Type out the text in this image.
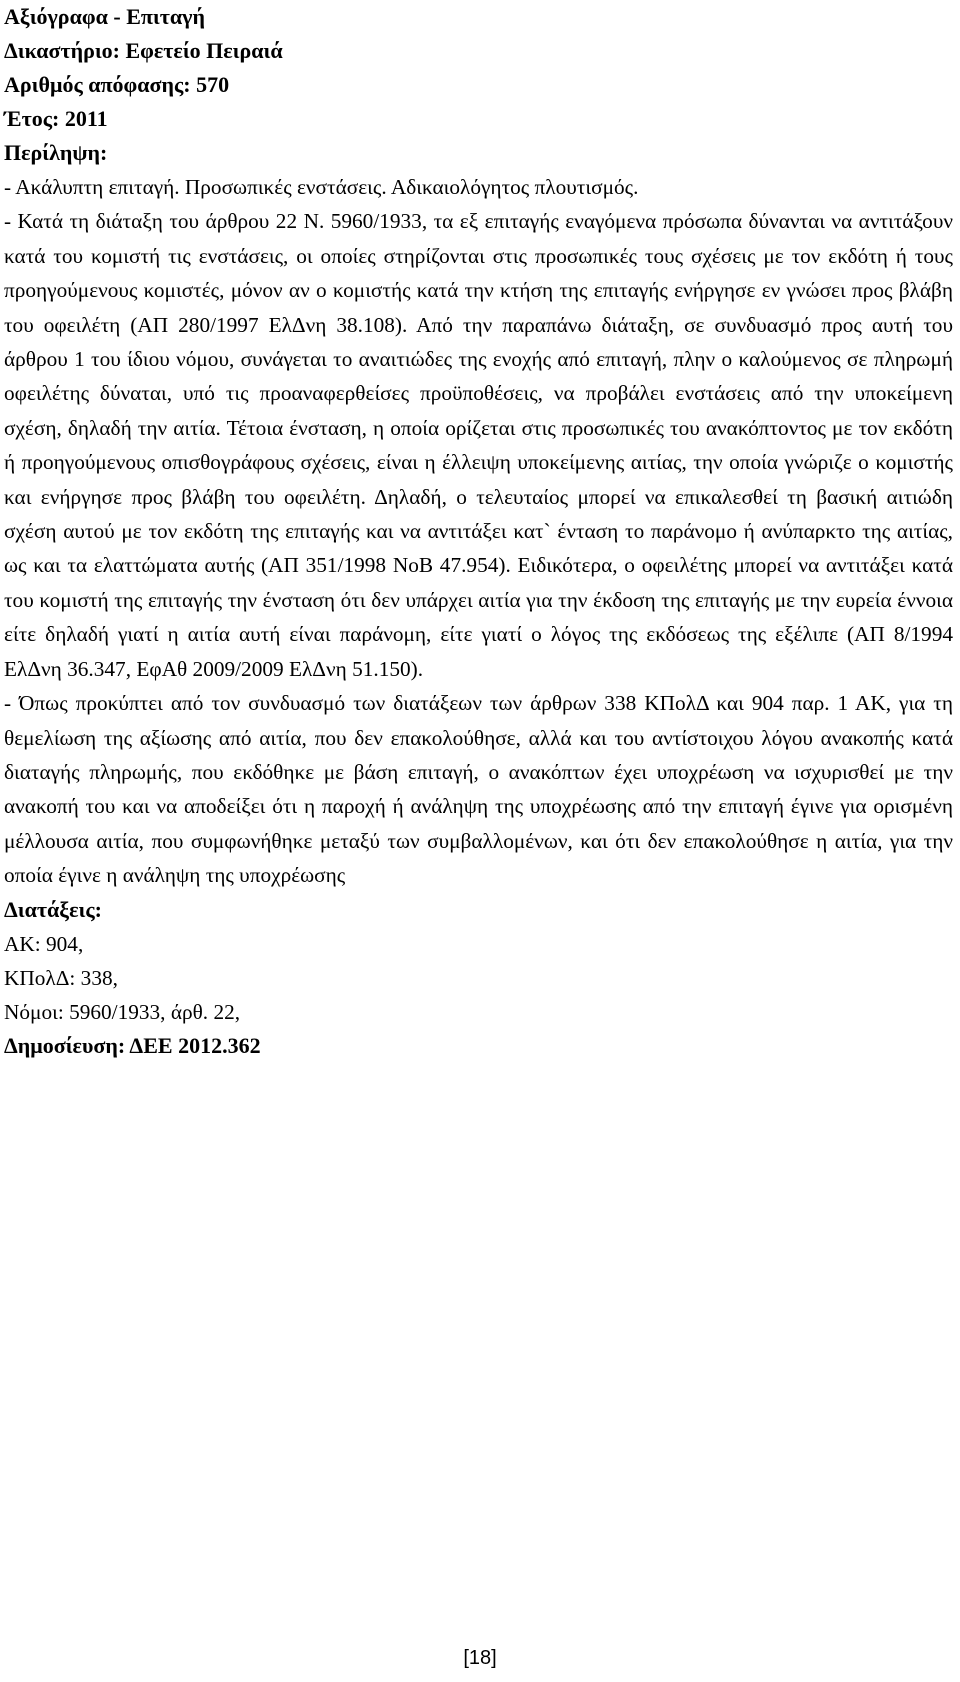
Αξιόγραφα - Επιταγή
Δικαστήριο: Εφετείο Πειραιά
Αριθμός απόφασης: 570
Έτος: 2011
Περίληψη:

- Ακάλυπτη επιταγή. Προσωπικές ενστάσεις. Αδικαιολόγητος πλουτισμός.

- Κατά τη διάταξη του άρθρου 22 Ν. 5960/1933, τα εξ επιταγής εναγόμενα πρόσωπα δύνανται να αντιτάξουν κατά του κομιστή τις ενστάσεις, οι οποίες στηρίζονται στις προσωπικές τους σχέσεις με τον εκδότη ή τους προηγούμενους κομιστές, μόνον αν ο κομιστής κατά την κτήση της επιταγής ενήργησε εν γνώσει προς βλάβη του οφειλέτη (ΑΠ 280/1997 ΕλΔνη 38.108). Από την παραπάνω διάταξη, σε συνδυασμό προς αυτή του άρθρου 1 του ίδιου νόμου, συνάγεται το αναιτιώδες της ενοχής από επιταγή, πλην ο καλούμενος σε πληρωμή οφειλέτης δύναται, υπό τις προαναφερθείσες προϋποθέσεις, να προβάλει ενστάσεις από την υποκείμενη σχέση, δηλαδή την αιτία. Τέτοια ένσταση, η οποία ορίζεται στις προσωπικές του ανακόπτοντος με τον εκδότη ή προηγούμενους οπισθογράφους σχέσεις, είναι η έλλειψη υποκείμενης αιτίας, την οποία γνώριζε ο κομιστής και ενήργησε προς βλάβη του οφειλέτη. Δηλαδή, ο τελευταίος μπορεί να επικαλεσθεί τη βασική αιτιώδη σχέση αυτού με τον εκδότη της επιταγής και να αντιτάξει κατ` ένταση το παράνομο ή ανύπαρκτο της αιτίας, ως και τα ελαττώματα αυτής (ΑΠ 351/1998 ΝοΒ 47.954). Ειδικότερα, ο οφειλέτης μπορεί να αντιτάξει κατά του κομιστή της επιταγής την ένσταση ότι δεν υπάρχει αιτία για την έκδοση της επιταγής με την ευρεία έννοια είτε δηλαδή γιατί η αιτία αυτή είναι παράνομη, είτε γιατί ο λόγος της εκδόσεως της εξέλιπε (ΑΠ 8/1994 ΕλΔνη 36.347, ΕφΑθ 2009/2009 ΕλΔνη 51.150).

- Όπως προκύπτει από τον συνδυασμό των διατάξεων των άρθρων 338 ΚΠολΔ και 904 παρ. 1 ΑΚ, για τη θεμελίωση της αξίωσης από αιτία, που δεν επακολούθησε, αλλά και του αντίστοιχου λόγου ανακοπής κατά διαταγής πληρωμής, που εκδόθηκε με βάση επιταγή, ο ανακόπτων έχει υποχρέωση να ισχυρισθεί με την ανακοπή του και να αποδείξει ότι η παροχή ή ανάληψη της υποχρέωσης από την επιταγή έγινε για ορισμένη μέλλουσα αιτία, που συμφωνήθηκε μεταξύ των συμβαλλομένων, και ότι δεν επακολούθησε η αιτία, για την οποία έγινε η ανάληψη της υποχρέωσης

Διατάξεις:
ΑΚ: 904,
ΚΠολΔ: 338,
Νόμοι: 5960/1933, άρθ. 22,
Δημοσίευση: ΔΕΕ 2012.362
[18]
